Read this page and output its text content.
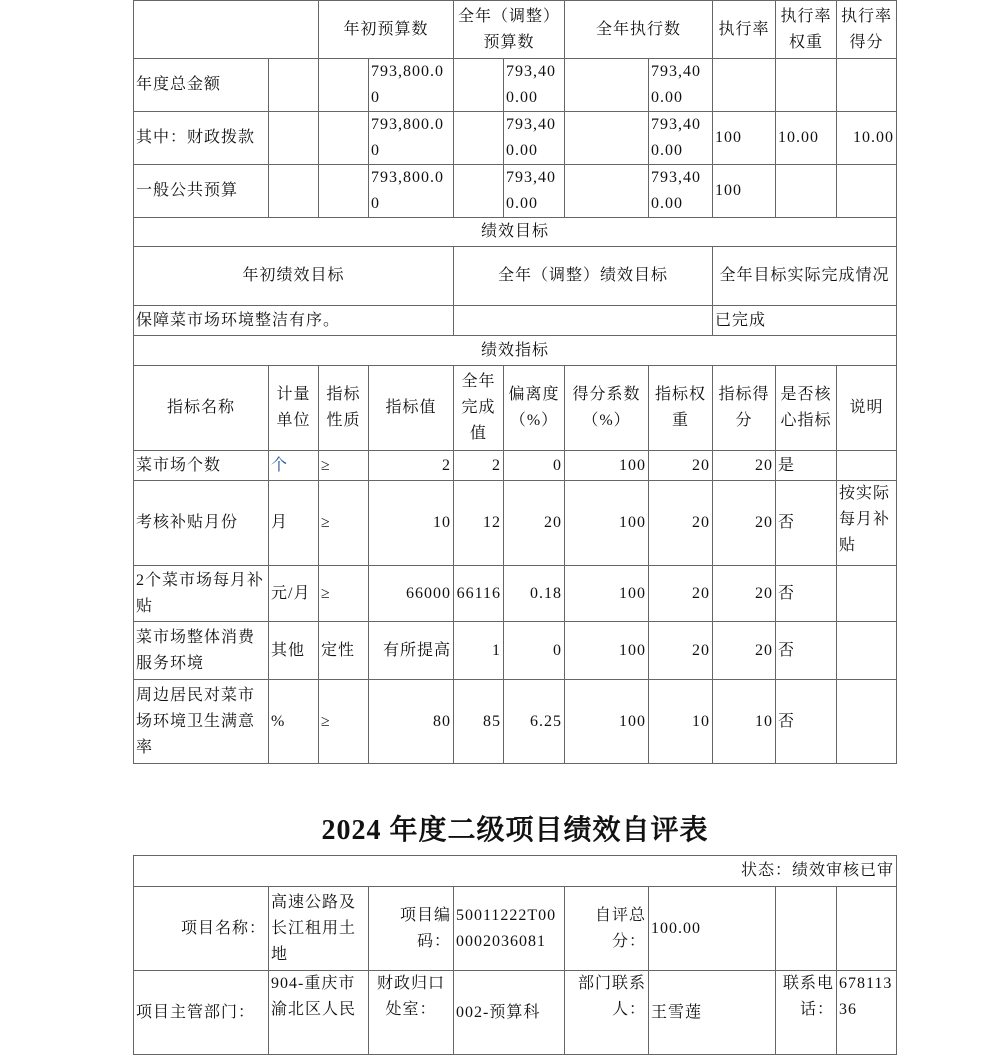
		年初预算数		全年（调整）预算数		全年执行数		执行率	执行率权重	执行率得分
年度总金额			793,800.00		793,400.00		793,400.00			
其中：财政拨款			793,800.00		793,400.00		793,400.00	100	10.00	10.00
一般公共预算			793,800.00		793,400.00		793,400.00	100		
绩效目标										
年初绩效目标				全年（调整）绩效目标				全年目标实际完成情况		
保障菜市场环境整洁有序。								已完成		
绩效指标										
指标名称	计量单位	指标性质	指标值	全年完成值	偏离度（%）	得分系数（%）	指标权重	指标得分	是否核心指标	说明
菜市场个数	个	≥	2	2	0	100	20	20	是	
考核补贴月份	月	≥	10	12	20	100	20	20	否	按实际每月补贴
2个菜市场每月补贴	元/月	≥	66000	66116	0.18	100	20	20	否	
菜市场整体消费服务环境	其他	定性	有所提高	1	0	100	20	20	否	
周边居民对菜市场环境卫生满意率	%	≥	80	85	6.25	100	10	10	否	
2024 年度二级项目绩效自评表
状态：绩效审核已审							
项目名称：	高速公路及长江租用土地	项目编码：	50011222T000002036081	自评总分：	100.00		
项目主管部门：	904-重庆市渝北区人民	财政归口处室：	002-预算科	部门联系人：	王雪莲	联系电话：	67811336
